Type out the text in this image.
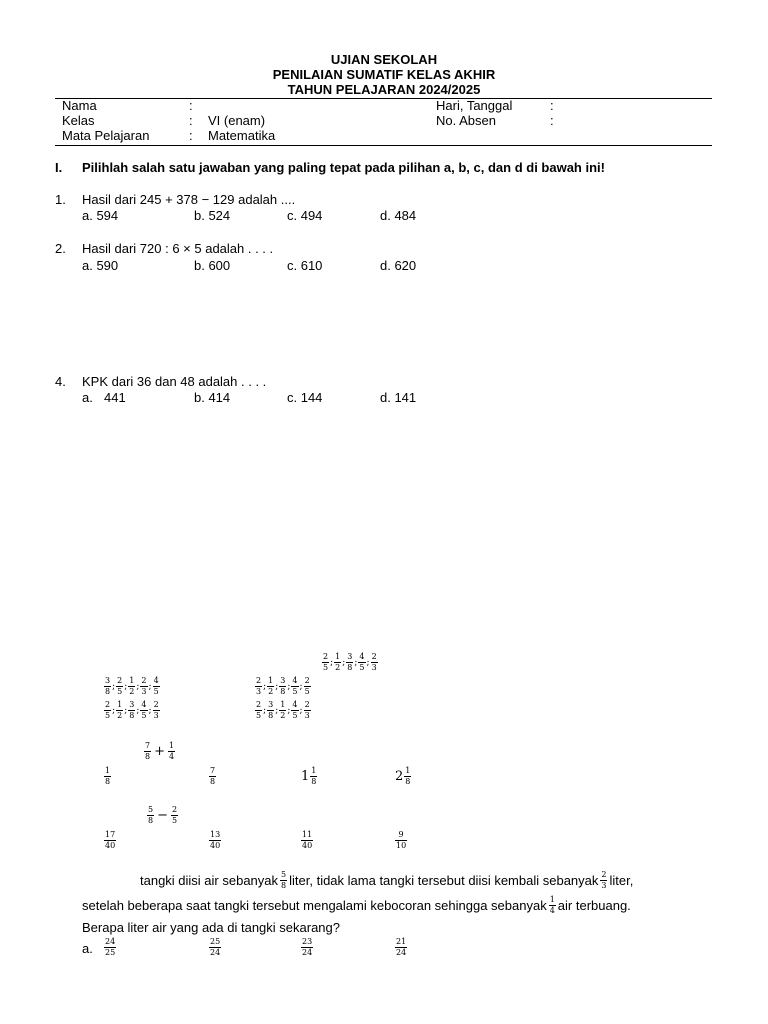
UJIAN SEKOLAH
PENILAIAN SUMATIF KELAS AKHIR
TAHUN PELAJARAN 2024/2025
Nama	:
Kelas	: VI (enam)
Mata Pelajaran	: Matematika
Hari, Tanggal	:
No. Absen	:
I. Pilihlah salah satu jawaban yang paling tepat pada pilihan a, b, c, dan d di bawah ini!
1. Hasil dari 245 + 378 − 129 adalah ....
a. 594	b. 524	c. 494	d. 484
2. Hasil dari 720 : 6 × 5 adalah . . . .
a. 590	b. 600	c. 610	d. 620
4. KPK dari 36 dan 48 adalah . . . .
a. 441	b. 414	c. 144	d. 141
$\frac{2}{5}$ ; $\frac{1}{2}$ ; $\frac{3}{8}$ ; $\frac{4}{5}$ ; $\frac{2}{3}$
$\frac{3}{8}$ ; $\frac{2}{5}$ ; $\frac{1}{2}$ ; $\frac{2}{3}$ ; $\frac{4}{5}$
$\frac{2}{5}$ ; $\frac{1}{2}$ ; $\frac{3}{8}$ ; $\frac{4}{5}$ ; $\frac{2}{3}$
$\frac{2}{3}$ ; $\frac{1}{2}$ ; $\frac{3}{8}$ ; $\frac{4}{5}$ ; $\frac{2}{5}$
$\frac{2}{5}$ ; $\frac{3}{8}$ ; $\frac{1}{2}$ ; $\frac{4}{5}$ ; $\frac{2}{3}$
$\frac{7}{8} + \frac{1}{4}$
$\frac{1}{8}$	$\frac{7}{8}$	$1 \frac{1}{8}$	$2 \frac{1}{8}$
$\frac{5}{8} - \frac{2}{5}$
$\frac{17}{40}$	$\frac{13}{40}$	$\frac{11}{40}$	$\frac{9}{10}$
tangki diisi air sebanyak $\frac{5}{8}$ liter, tidak lama tangki tersebut diisi kembali sebanyak $\frac{2}{3}$ liter,
setelah beberapa saat tangki tersebut mengalami kebocoran sehingga sebanyak $\frac{1}{4}$ air terbuang.
Berapa liter air yang ada di tangki sekarang?
a. $\frac{24}{25}$	$\frac{25}{24}$	$\frac{23}{24}$	$\frac{21}{24}$
